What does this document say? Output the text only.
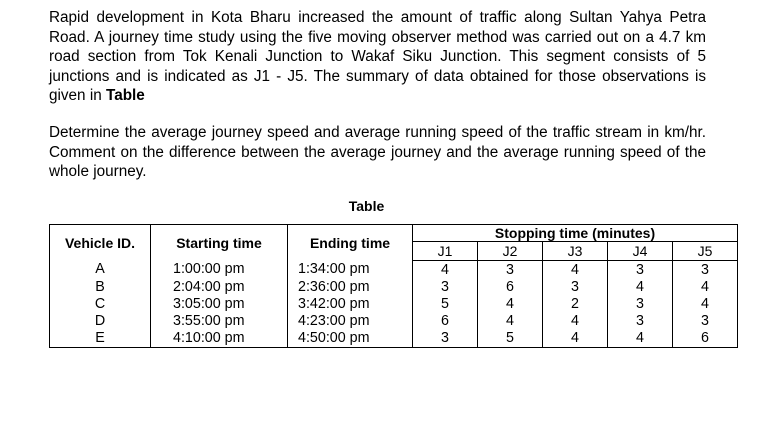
Rapid development in Kota Bharu increased the amount of traffic along Sultan Yahya Petra Road. A journey time study using the five moving observer method was carried out on a 4.7 km road section from Tok Kenali Junction to Wakaf Siku Junction. This segment consists of 5 junctions and is indicated as J1 - J5. The summary of data obtained for those observations is given in Table

Determine the average journey speed and average running speed of the traffic stream in km/hr. Comment on the difference between the average journey and the average running speed of the whole journey.

Table
Vehicle ID.	Starting time	Ending time	Stopping time (minutes)				
			J1	J2	J3	J4	J5
A	1:00:00 pm	1:34:00 pm	4	3	4	3	3
B	2:04:00 pm	2:36:00 pm	3	6	3	4	4
C	3:05:00 pm	3:42:00 pm	5	4	2	3	4
D	3:55:00 pm	4:23:00 pm	6	4	4	3	3
E	4:10:00 pm	4:50:00 pm	3	5	4	4	6
